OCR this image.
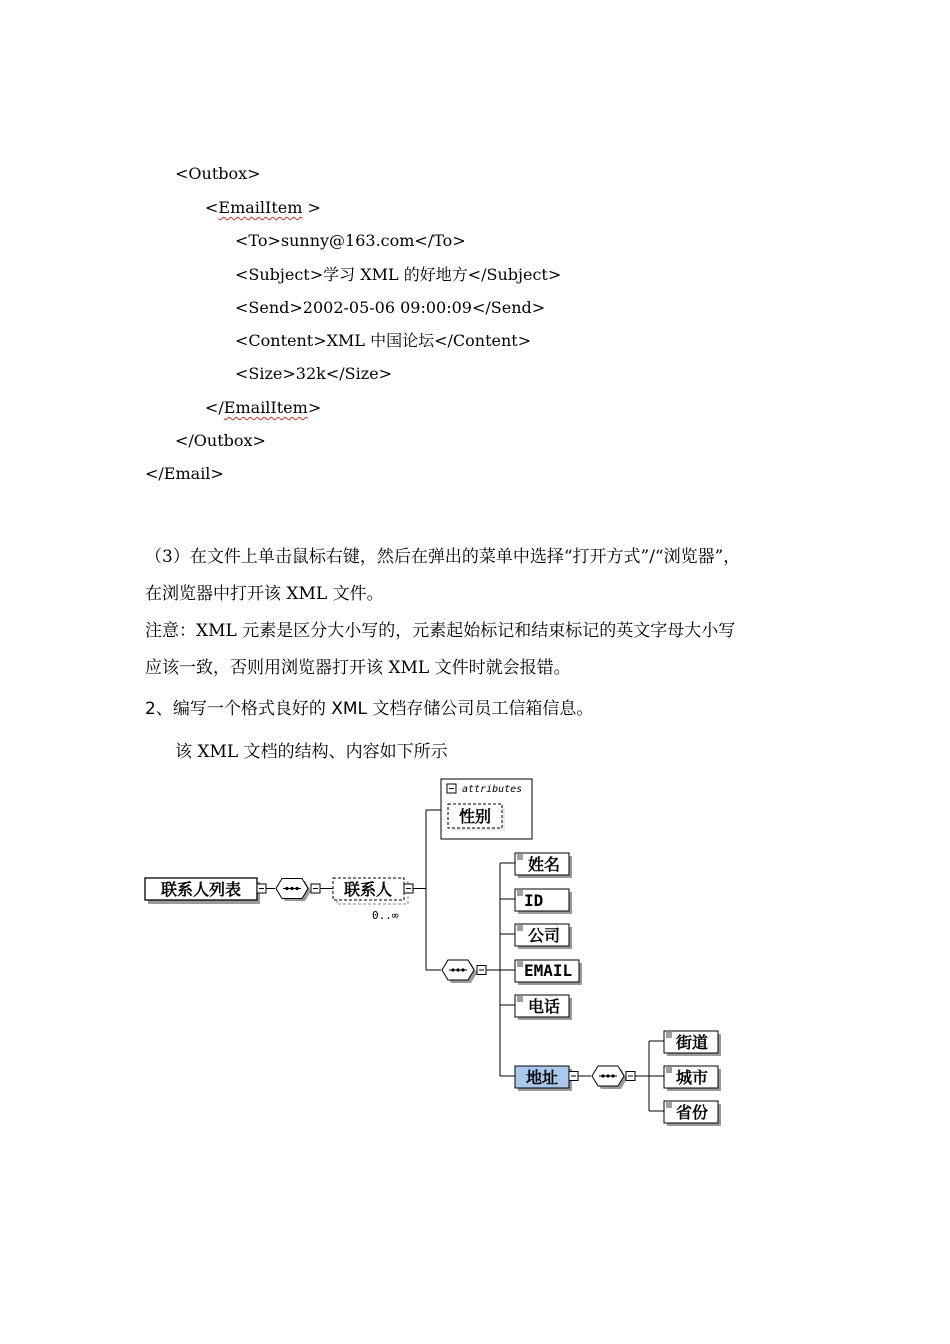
<Outbox>
<EmailItem >
<To>sunny@163.com</To>
<Subject>学习 XML 的好地方</Subject>
<Send>2002-05-06 09:00:09</Send>
<Content>XML 中国论坛</Content>
<Size>32k</Size>
</EmailItem>
</Outbox>
</Email>
（3）在文件上单击鼠标右键，然后在弹出的菜单中选择“打开方式”/“浏览器”，
在浏览器中打开该 XML 文件。
注意：XML 元素是区分大小写的，元素起始标记和结束标记的英文字母大小写
应该一致，否则用浏览器打开该 XML 文件时就会报错。
2、编写一个格式良好的 XML 文档存储公司员工信箱信息。
该 XML 文档的结构、内容如下所示
联系人列表	联系人
0..∞
attributes
性别
姓名
ID
公司
EMAIL
电话
地址
街道
城市
省份
